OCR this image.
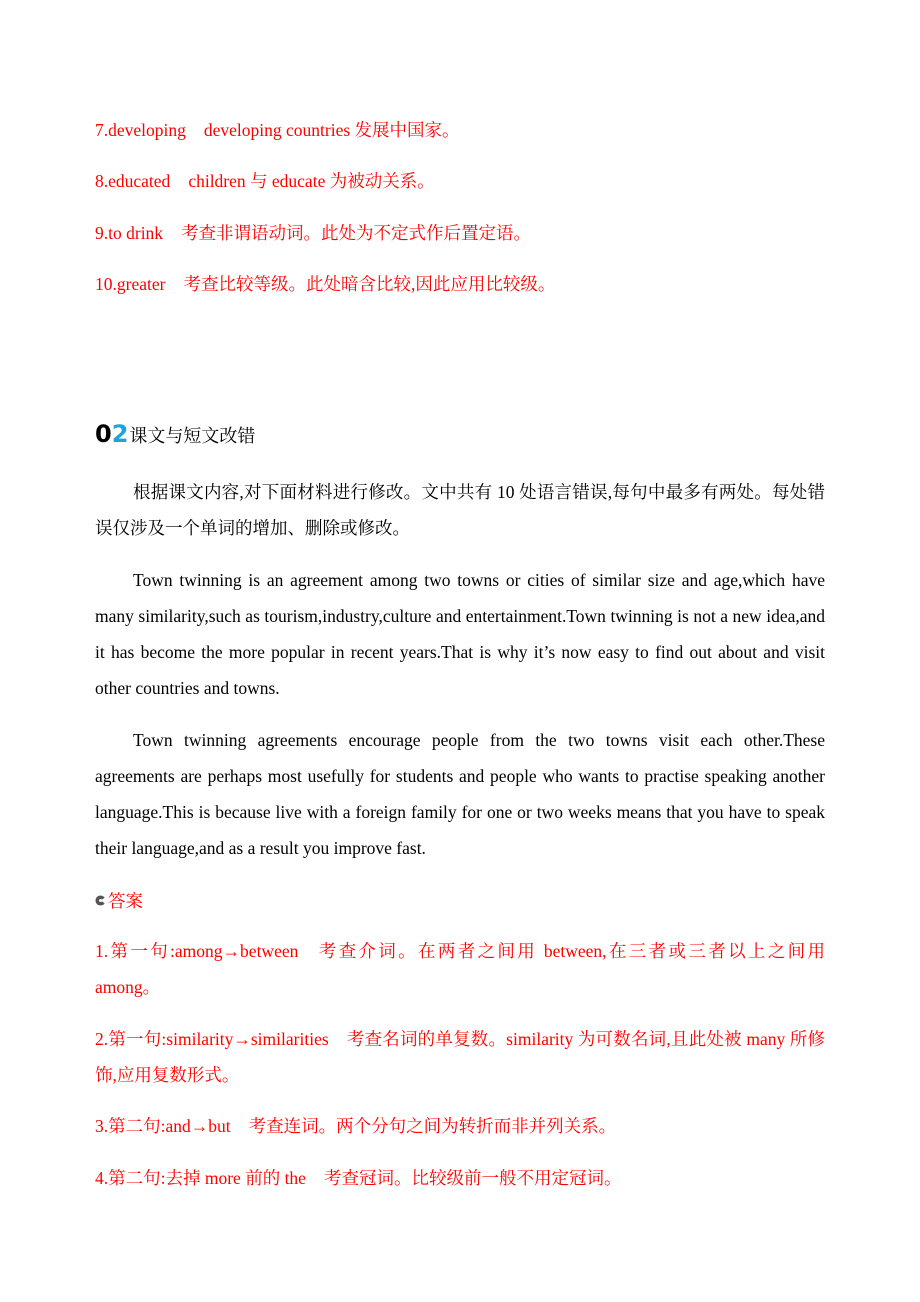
7.developing developing countries 发展中国家。
8.educated children 与 educate 为被动关系。
9.to drink 考查非谓语动词。此处为不定式作后置定语。
10.greater 考查比较等级。此处暗含比较,因此应用比较级。
0 2 课文与短文改错
根据课文内容,对下面材料进行修改。文中共有 10 处语言错误,每句中最多有两处。每处错误仅涉及一个单词的增加、删除或修改。
Town twinning is an agreement among two towns or cities of similar size and age,which have many similarity,such as tourism,industry,culture and entertainment.Town twinning is not a new idea,and it has become the more popular in recent years.That is why it’s now easy to find out about and visit other countries and towns.
Town twinning agreements encourage people from the two towns visit each other.These agreements are perhaps most usefully for students and people who wants to practise speaking another language.This is because live with a foreign family for one or two weeks means that you have to speak their language,and as a result you improve fast.
答案
1.第一句:among→between 考查介词。在两者之间用 between,在三者或三者以上之间用 among。
2.第一句:similarity→similarities 考查名词的单复数。similarity 为可数名词,且此处被 many 所修饰,应用复数形式。
3.第二句:and→but 考查连词。两个分句之间为转折而非并列关系。
4.第二句:去掉 more 前的 the 考查冠词。比较级前一般不用定冠词。
